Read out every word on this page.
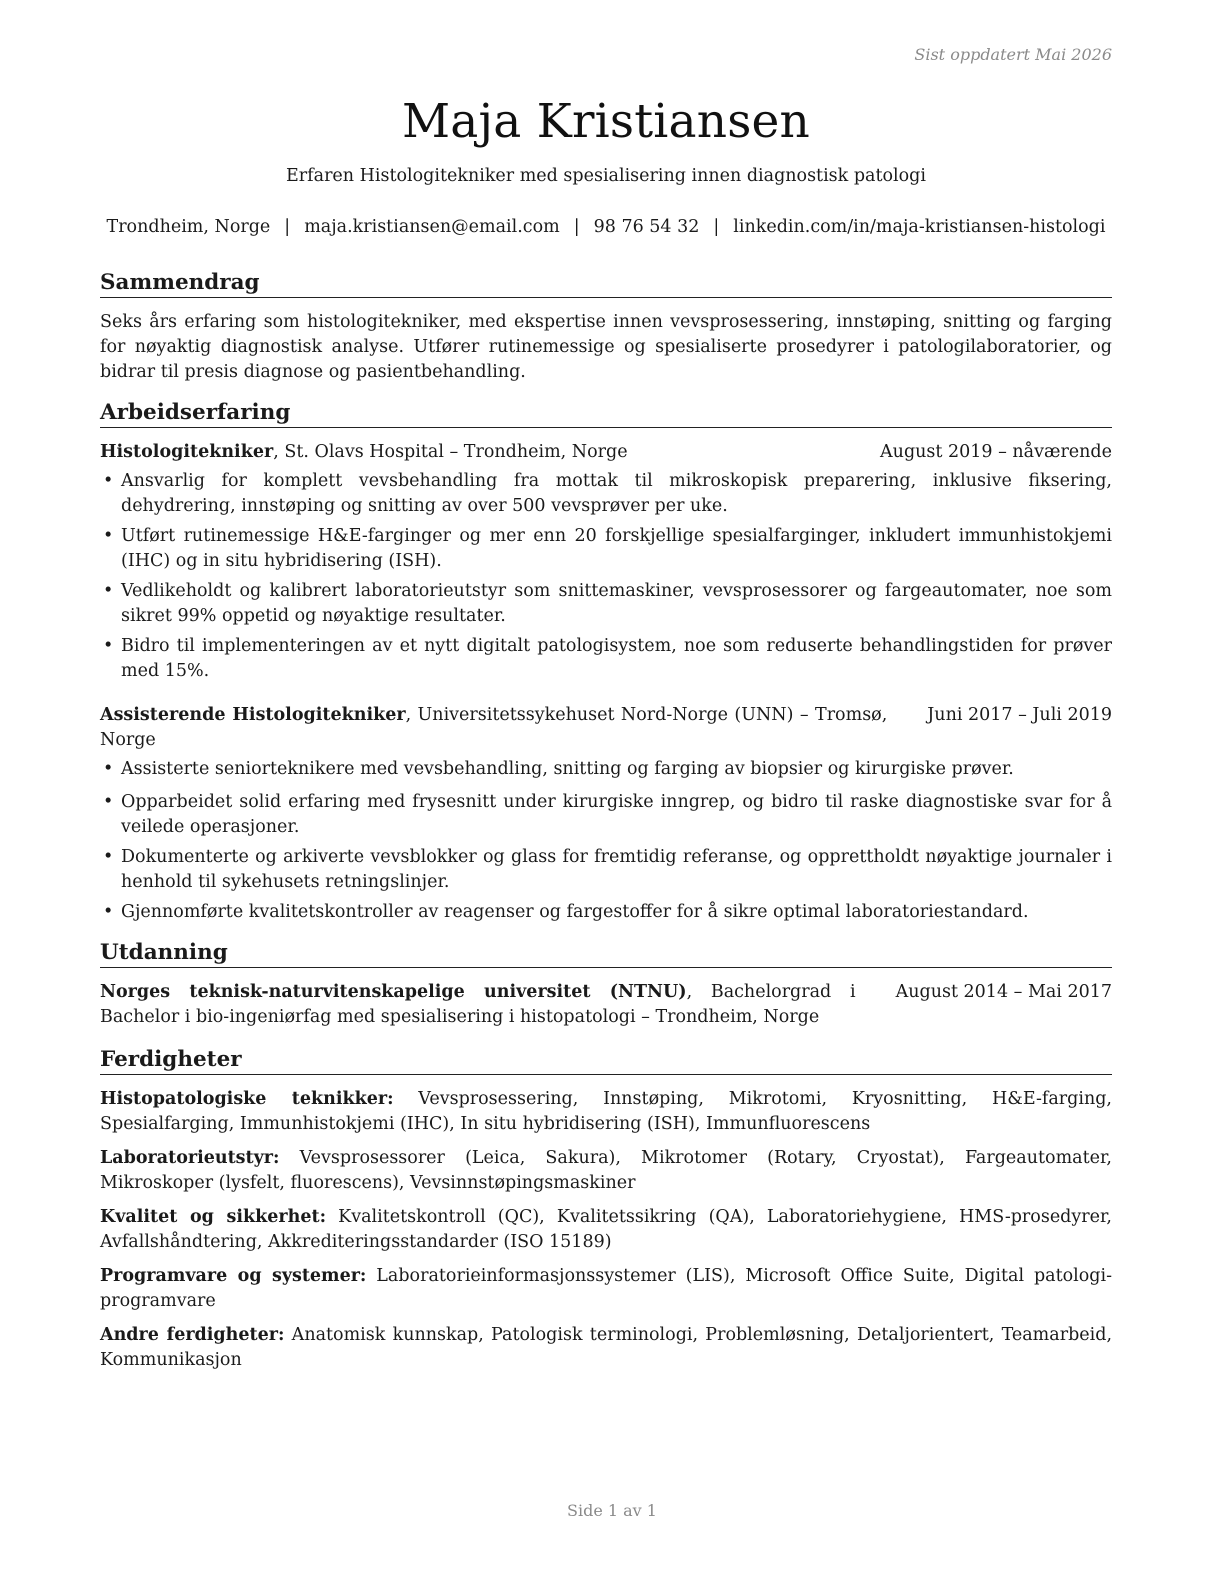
Sist oppdatert Mai 2026
Maja Kristiansen
Erfaren Histologitekniker med spesialisering innen diagnostisk patologi
Trondheim, Norge | maja.kristiansen@email.com | 98 76 54 32 | linkedin.com/in/maja-kristiansen-histologi
Sammendrag
Seks års erfaring som histologitekniker, med ekspertise innen vevsprosessering, innstøping, snitting og farging for nøyaktig diagnostisk analyse. Utfører rutinemessige og spesialiserte prosedyrer i patologilaboratorier, og bidrar til presis diagnose og pasientbehandling.
Arbeidserfaring
Histologitekniker, St. Olavs Hospital – Trondheim, Norge	August 2019 – nåværende
• Ansvarlig for komplett vevsbehandling fra mottak til mikroskopisk preparering, inklusive fiksering, dehydrering, innstøping og snitting av over 500 vevsprøver per uke.
• Utført rutinemessige H&E-farginger og mer enn 20 forskjellige spesialfarginger, inkludert immunhistokjemi (IHC) og in situ hybridisering (ISH).
• Vedlikeholdt og kalibrert laboratorieutstyr som snittemaskiner, vevsprosessorer og fargeautomater, noe som sikret 99% oppetid og nøyaktige resultater.
• Bidro til implementeringen av et nytt digitalt patologisystem, noe som reduserte behandlingstiden for prøver med 15%.
Assisterende Histologitekniker, Universitetssykehuset Nord-Norge (UNN) – Tromsø, Norge
Juni 2017 – Juli 2019
• Assisterte seniorteknikere med vevsbehandling, snitting og farging av biopsier og kirurgiske prøver.
• Opparbeidet solid erfaring med frysesnitt under kirurgiske inngrep, og bidro til raske diagnostiske svar for å veilede operasjoner.
• Dokumenterte og arkiverte vevsblokker og glass for fremtidig referanse, og opprettholdt nøyaktige journaler i henhold til sykehusets retningslinjer.
• Gjennomførte kvalitetskontroller av reagenser og fargestoffer for å sikre optimal laboratoriestandard.
Utdanning
Norges teknisk-naturvitenskapelige universitet (NTNU), Bachelorgrad i Bachelor i bio-ingeniørfag med spesialisering i histopatologi – Trondheim, Norge
August 2014 – Mai 2017
Ferdigheter
Histopatologiske teknikker: Vevsprosessering, Innstøping, Mikrotomi, Kryosnitting, H&E-farging, Spesialfarging, Immunhistokjemi (IHC), In situ hybridisering (ISH), Immunfluorescens
Laboratorieutstyr: Vevsprosessorer (Leica, Sakura), Mikrotomer (Rotary, Cryostat), Fargeautomater, Mikroskoper (lysfelt, fluorescens), Vevsinnstøpingsmaskiner
Kvalitet og sikkerhet: Kvalitetskontroll (QC), Kvalitetssikring (QA), Laboratoriehygiene, HMS-prosedyrer, Avfallshåndtering, Akkrediteringsstandarder (ISO 15189)
Programvare og systemer: Laboratorieinformasjonssystemer (LIS), Microsoft Office Suite, Digital patologi-programvare
Andre ferdigheter: Anatomisk kunnskap, Patologisk terminologi, Problemløsning, Detaljorientert, Teamarbeid, Kommunikasjon
Side 1 av 1
